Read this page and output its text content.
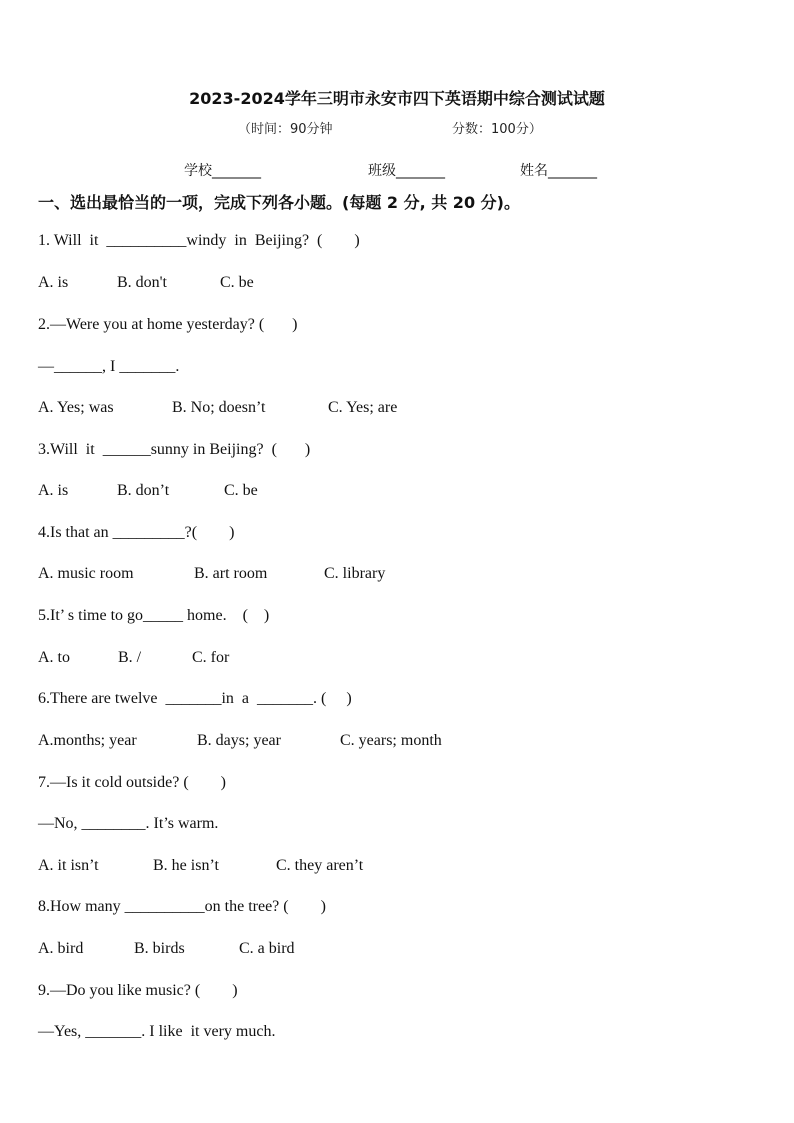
2023-2024学年三明市永安市四下英语期中综合测试试题
（时间：90分钟	分数：100分）
学校_______	班级_______	姓名_______
一、选出最恰当的一项，完成下列各小题。(每题 2 分, 共 20 分)。
1. Will  it  __________windy  in  Beijing?  (        )
A. is	B. don't	C. be
2.—Were you at home yesterday? (       )
—______, I _______.
A. Yes; was	B. No; doesn’t	C. Yes; are
3.Will  it  ______sunny in Beijing?  (       )
A. is	B. don’t	C. be
4.Is that an _________?(        )
A. music room	B. art room	C. library
5.It’ s time to go_____ home.    (    )
A. to	B. /	C. for
6.There are twelve  _______in  a  _______. (     )
A.months; year	B. days; year	C. years; month
7.—Is it cold outside? (        )
—No, ________. It’s warm.
A. it isn’t	B. he isn’t	C. they aren’t
8.How many __________on the tree? (        )
A. bird	B. birds	C. a bird
9.—Do you like music? (        )
—Yes, _______. I like  it very much.
